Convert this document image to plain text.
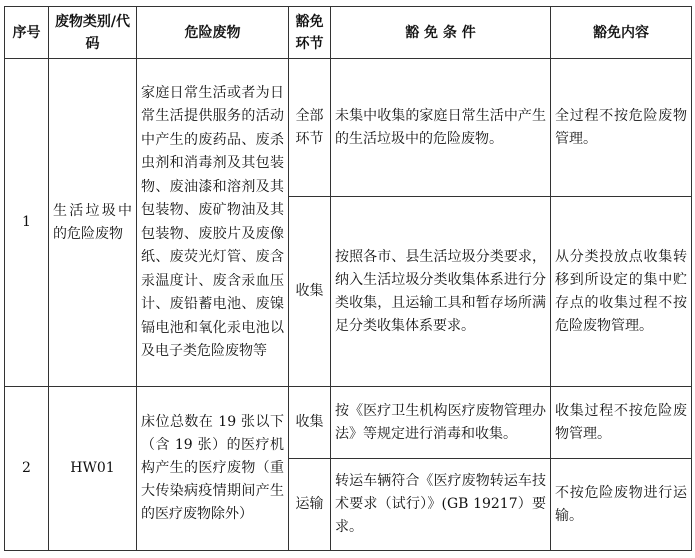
序号	废物类别/代码	危险废物	豁免环节	豁 免 条 件	豁免内容
1	生活垃圾中的危险废物	家庭日常生活或者为日常生活提供服务的活动中产生的废药品、废杀虫剂和消毒剂及其包装物、废油漆和溶剂及其包装物、废矿物油及其包装物、废胶片及废像纸、废荧光灯管、废含汞温度计、废含汞血压计、废铅蓄电池、废镍镉电池和氧化汞电池以及电子类危险废物等	全部环节	未集中收集的家庭日常生活中产生的生活垃圾中的危险废物。	全过程不按危险废物管理。
			收集	按照各市、县生活垃圾分类要求，纳入生活垃圾分类收集体系进行分类收集，且运输工具和暂存场所满足分类收集体系要求。	从分类投放点收集转移到所设定的集中贮存点的收集过程不按危险废物管理。
2	HW01	床位总数在 19 张以下（含 19 张）的医疗机构产生的医疗废物（重大传染病疫情期间产生的医疗废物除外）	收集	按《医疗卫生机构医疗废物管理办法》等规定进行消毒和收集。	收集过程不按危险废物管理。
			运输	转运车辆符合《医疗废物转运车技术要求（试行）》(GB 19217）要求。	不按危险废物进行运输。
